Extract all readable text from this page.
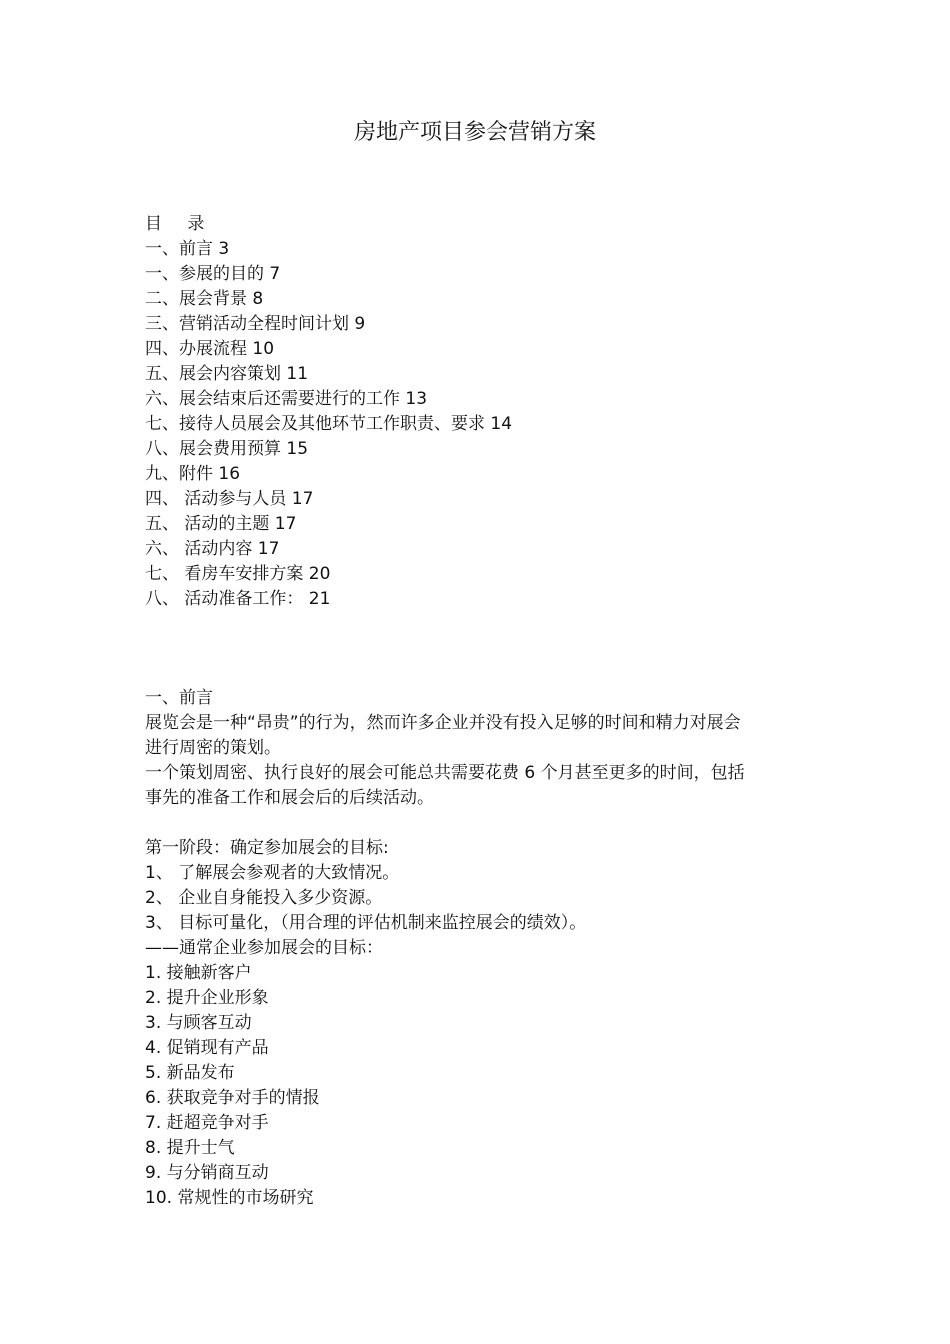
房地产项目参会营销方案
目 录
一、前言 3
一、参展的目的 7
二、展会背景 8
三、营销活动全程时间计划 9
四、办展流程 10
五、展会内容策划 11
六、展会结束后还需要进行的工作 13
七、接待人员展会及其他环节工作职责、要求 14
八、展会费用预算 15
九、附件 16
四、 活动参与人员 17
五、 活动的主题 17
六、 活动内容 17
七、 看房车安排方案 20
八、 活动准备工作： 21
一、前言
展览会是一种“昂贵”的行为，然而许多企业并没有投入足够的时间和精力对展会
进行周密的策划。
一个策划周密、执行良好的展会可能总共需要花费 6 个月甚至更多的时间，包括
事先的准备工作和展会后的后续活动。
第一阶段：确定参加展会的目标:
1、 了解展会参观者的大致情况。
2、 企业自身能投入多少资源。
3、 目标可量化，（用合理的评估机制来监控展会的绩效）。
——通常企业参加展会的目标：
1. 接触新客户
2. 提升企业形象
3. 与顾客互动
4. 促销现有产品
5. 新品发布
6. 获取竞争对手的情报
7. 赶超竞争对手
8. 提升士气
9. 与分销商互动
10. 常规性的市场研究
